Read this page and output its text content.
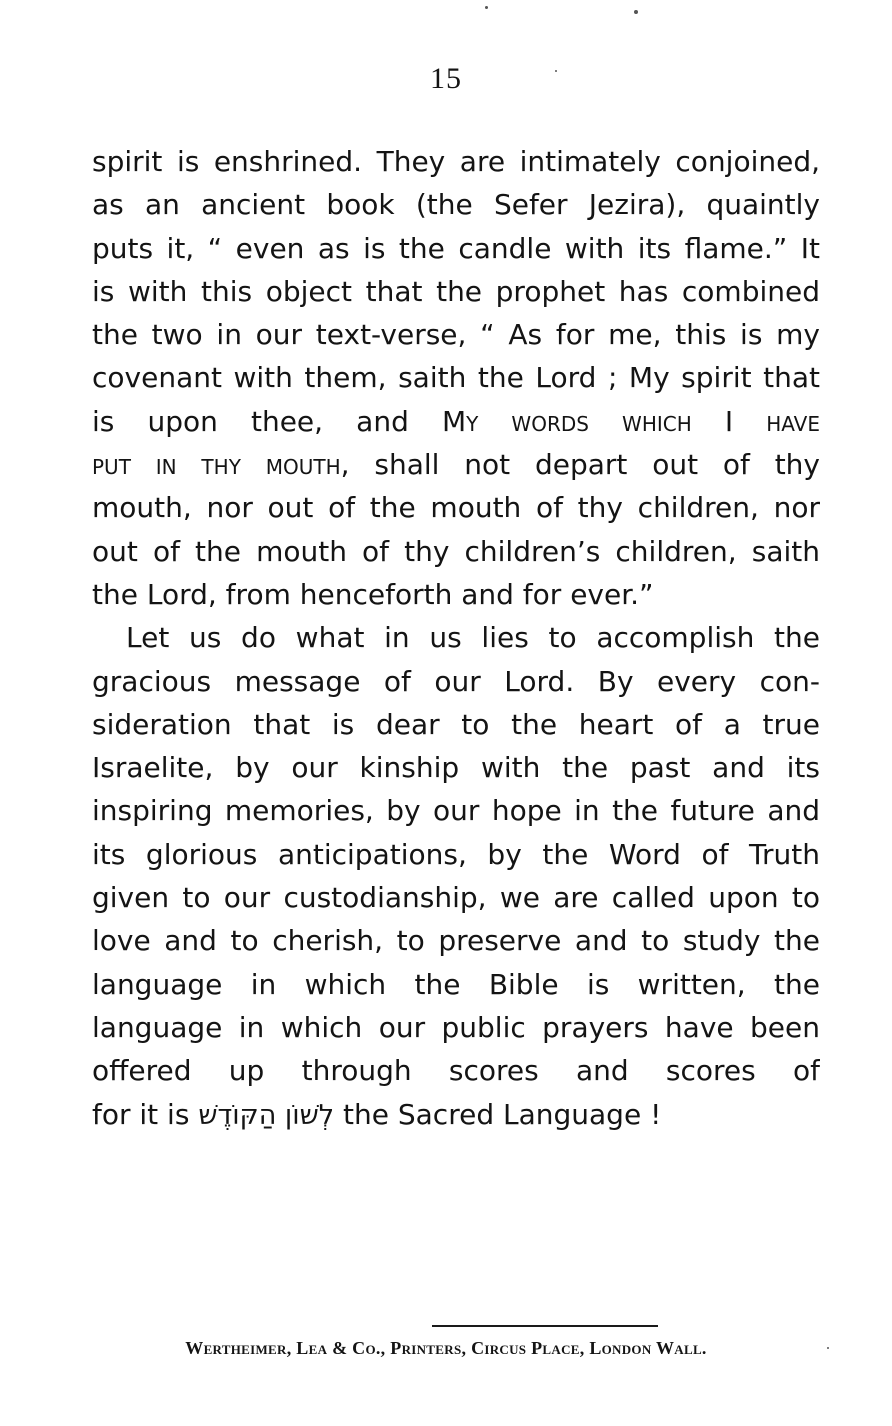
15
spirit is enshrined. They are intimately conjoined,
as an ancient book (the Sefer Jezira), quaintly
puts it, “ even as is the candle with its flame.” It
is with this object that the prophet has combined
the two in our text-verse, “ As for me, this is my
covenant with them, saith the Lord ; My spirit that
is upon thee, and My words which I have
put in thy mouth, shall not depart out of thy
mouth, nor out of the mouth of thy children, nor
out of the mouth of thy children’s children, saith
the Lord, from henceforth and for ever.”
Let us do what in us lies to accomplish the
gracious message of our Lord. By every con-
sideration that is dear to the heart of a true
Israelite, by our kinship with the past and its
inspiring memories, by our hope in the future and
its glorious anticipations, by the Word of Truth
given to our custodianship, we are called upon to
love and to cherish, to preserve and to study the
language in which the Bible is written, the
language in which our public prayers have been
offered up through scores and scores of
for it is לְשׁוֹן הַקּוֹדֶשׁ the Sacred Language !
Wertheimer, Lea & Co., Printers, Circus Place, London Wall.
